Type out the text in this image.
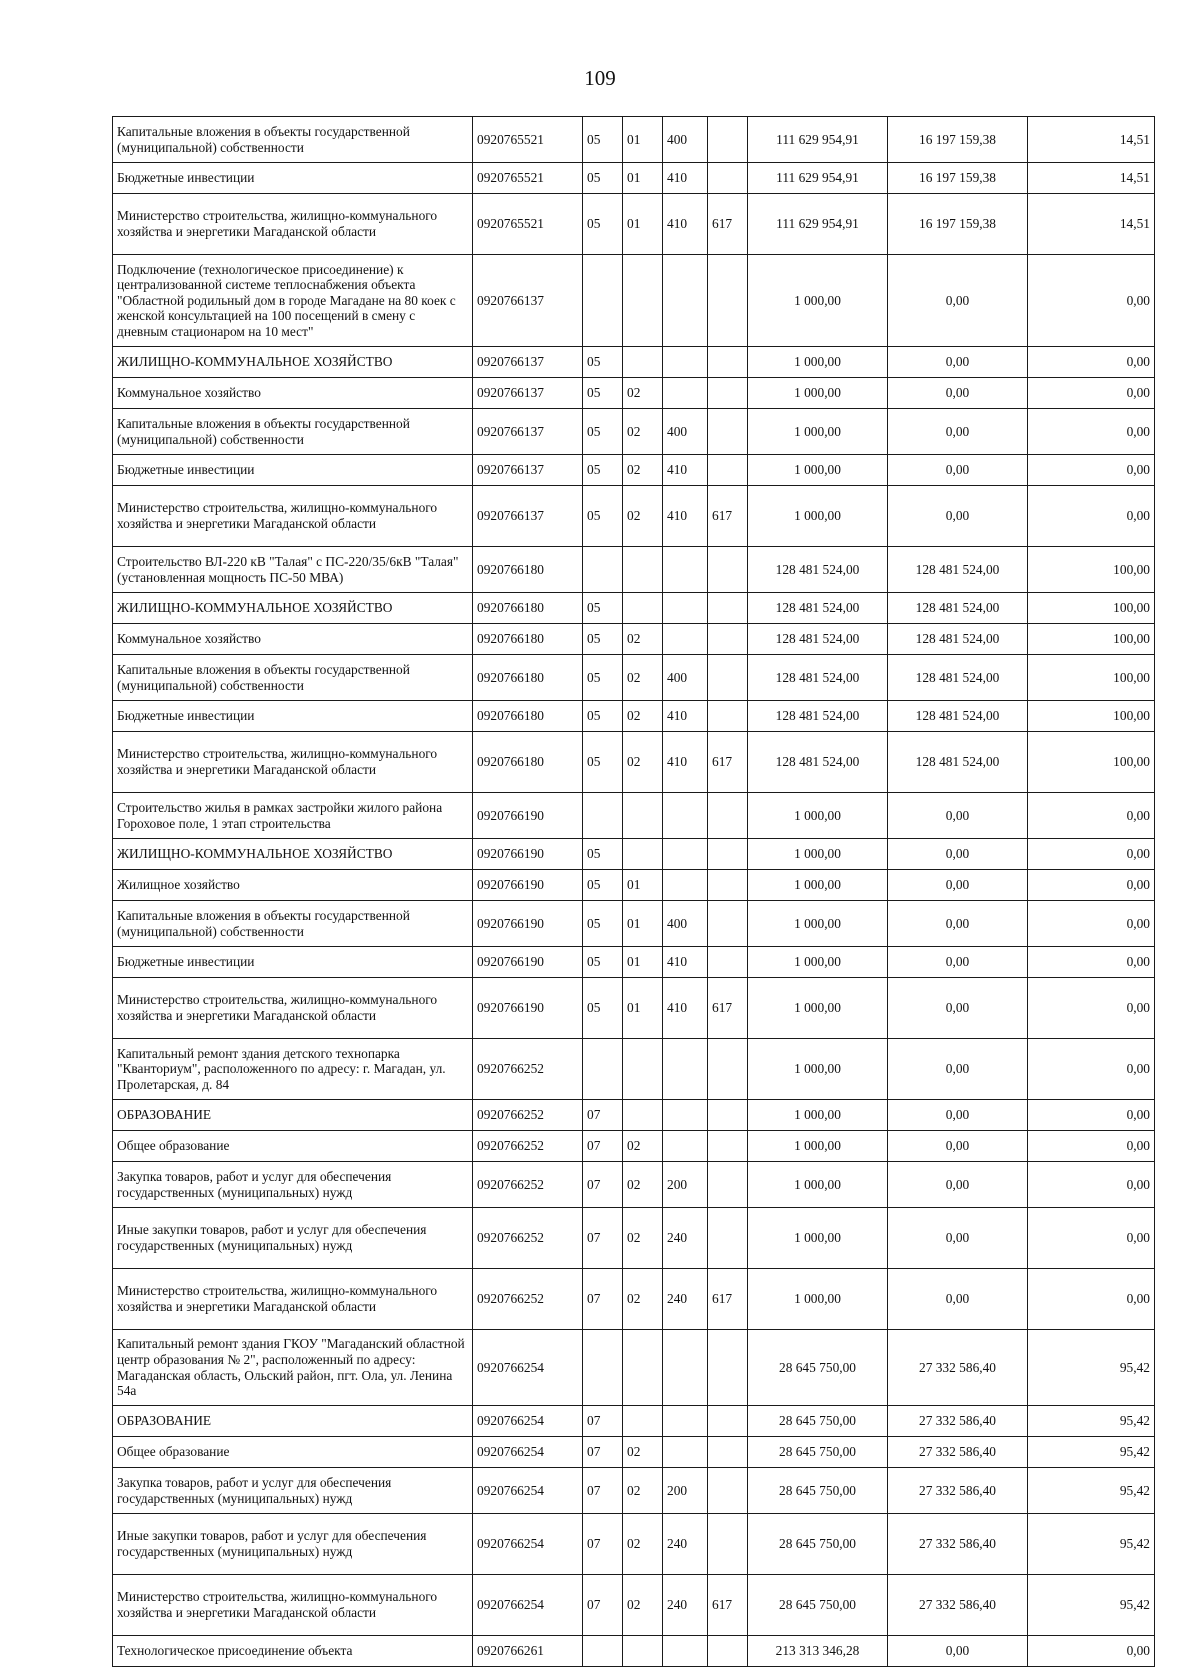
109
Капитальные вложения в объекты государственной (муниципальной) собственности	0920765521	05	01	400		111 629 954,91	16 197 159,38	14,51
Бюджетные инвестиции	0920765521	05	01	410		111 629 954,91	16 197 159,38	14,51
Министерство строительства, жилищно-коммунального хозяйства и энергетики Магаданской области	0920765521	05	01	410	617	111 629 954,91	16 197 159,38	14,51
Подключение (технологическое присоединение) к централизованной системе теплоснабжения объекта "Областной родильный дом в городе Магадане на 80 коек с женской консультацией на 100 посещений в смену с дневным стационаром на 10 мест"	0920766137					1 000,00	0,00	0,00
ЖИЛИЩНО-КОММУНАЛЬНОЕ ХОЗЯЙСТВО	0920766137	05				1 000,00	0,00	0,00
Коммунальное хозяйство	0920766137	05	02			1 000,00	0,00	0,00
Капитальные вложения в объекты государственной (муниципальной) собственности	0920766137	05	02	400		1 000,00	0,00	0,00
Бюджетные инвестиции	0920766137	05	02	410		1 000,00	0,00	0,00
Министерство строительства, жилищно-коммунального хозяйства и энергетики Магаданской области	0920766137	05	02	410	617	1 000,00	0,00	0,00
Строительство ВЛ-220 кВ "Талая" с ПС-220/35/6кВ "Талая" (установленная мощность ПС-50 МВА)	0920766180					128 481 524,00	128 481 524,00	100,00
ЖИЛИЩНО-КОММУНАЛЬНОЕ ХОЗЯЙСТВО	0920766180	05				128 481 524,00	128 481 524,00	100,00
Коммунальное хозяйство	0920766180	05	02			128 481 524,00	128 481 524,00	100,00
Капитальные вложения в объекты государственной (муниципальной) собственности	0920766180	05	02	400		128 481 524,00	128 481 524,00	100,00
Бюджетные инвестиции	0920766180	05	02	410		128 481 524,00	128 481 524,00	100,00
Министерство строительства, жилищно-коммунального хозяйства и энергетики Магаданской области	0920766180	05	02	410	617	128 481 524,00	128 481 524,00	100,00
Строительство жилья в рамках застройки жилого района Гороховое поле, 1 этап строительства	0920766190					1 000,00	0,00	0,00
ЖИЛИЩНО-КОММУНАЛЬНОЕ ХОЗЯЙСТВО	0920766190	05				1 000,00	0,00	0,00
Жилищное хозяйство	0920766190	05	01			1 000,00	0,00	0,00
Капитальные вложения в объекты государственной (муниципальной) собственности	0920766190	05	01	400		1 000,00	0,00	0,00
Бюджетные инвестиции	0920766190	05	01	410		1 000,00	0,00	0,00
Министерство строительства, жилищно-коммунального хозяйства и энергетики Магаданской области	0920766190	05	01	410	617	1 000,00	0,00	0,00
Капитальный ремонт здания детского технопарка "Кванториум", расположенного по адресу: г. Магадан, ул. Пролетарская, д. 84	0920766252					1 000,00	0,00	0,00
ОБРАЗОВАНИЕ	0920766252	07				1 000,00	0,00	0,00
Общее образование	0920766252	07	02			1 000,00	0,00	0,00
Закупка товаров, работ и услуг для обеспечения государственных (муниципальных) нужд	0920766252	07	02	200		1 000,00	0,00	0,00
Иные закупки товаров, работ и услуг для обеспечения государственных (муниципальных) нужд	0920766252	07	02	240		1 000,00	0,00	0,00
Министерство строительства, жилищно-коммунального хозяйства и энергетики Магаданской области	0920766252	07	02	240	617	1 000,00	0,00	0,00
Капитальный ремонт здания ГКОУ "Магаданский областной центр образования № 2", расположенный по адресу: Магаданская область, Ольский район, пгт. Ола, ул. Ленина 54а	0920766254					28 645 750,00	27 332 586,40	95,42
ОБРАЗОВАНИЕ	0920766254	07				28 645 750,00	27 332 586,40	95,42
Общее образование	0920766254	07	02			28 645 750,00	27 332 586,40	95,42
Закупка товаров, работ и услуг для обеспечения государственных (муниципальных) нужд	0920766254	07	02	200		28 645 750,00	27 332 586,40	95,42
Иные закупки товаров, работ и услуг для обеспечения государственных (муниципальных) нужд	0920766254	07	02	240		28 645 750,00	27 332 586,40	95,42
Министерство строительства, жилищно-коммунального хозяйства и энергетики Магаданской области	0920766254	07	02	240	617	28 645 750,00	27 332 586,40	95,42
Технологическое присоединение объекта	0920766261					213 313 346,28	0,00	0,00
